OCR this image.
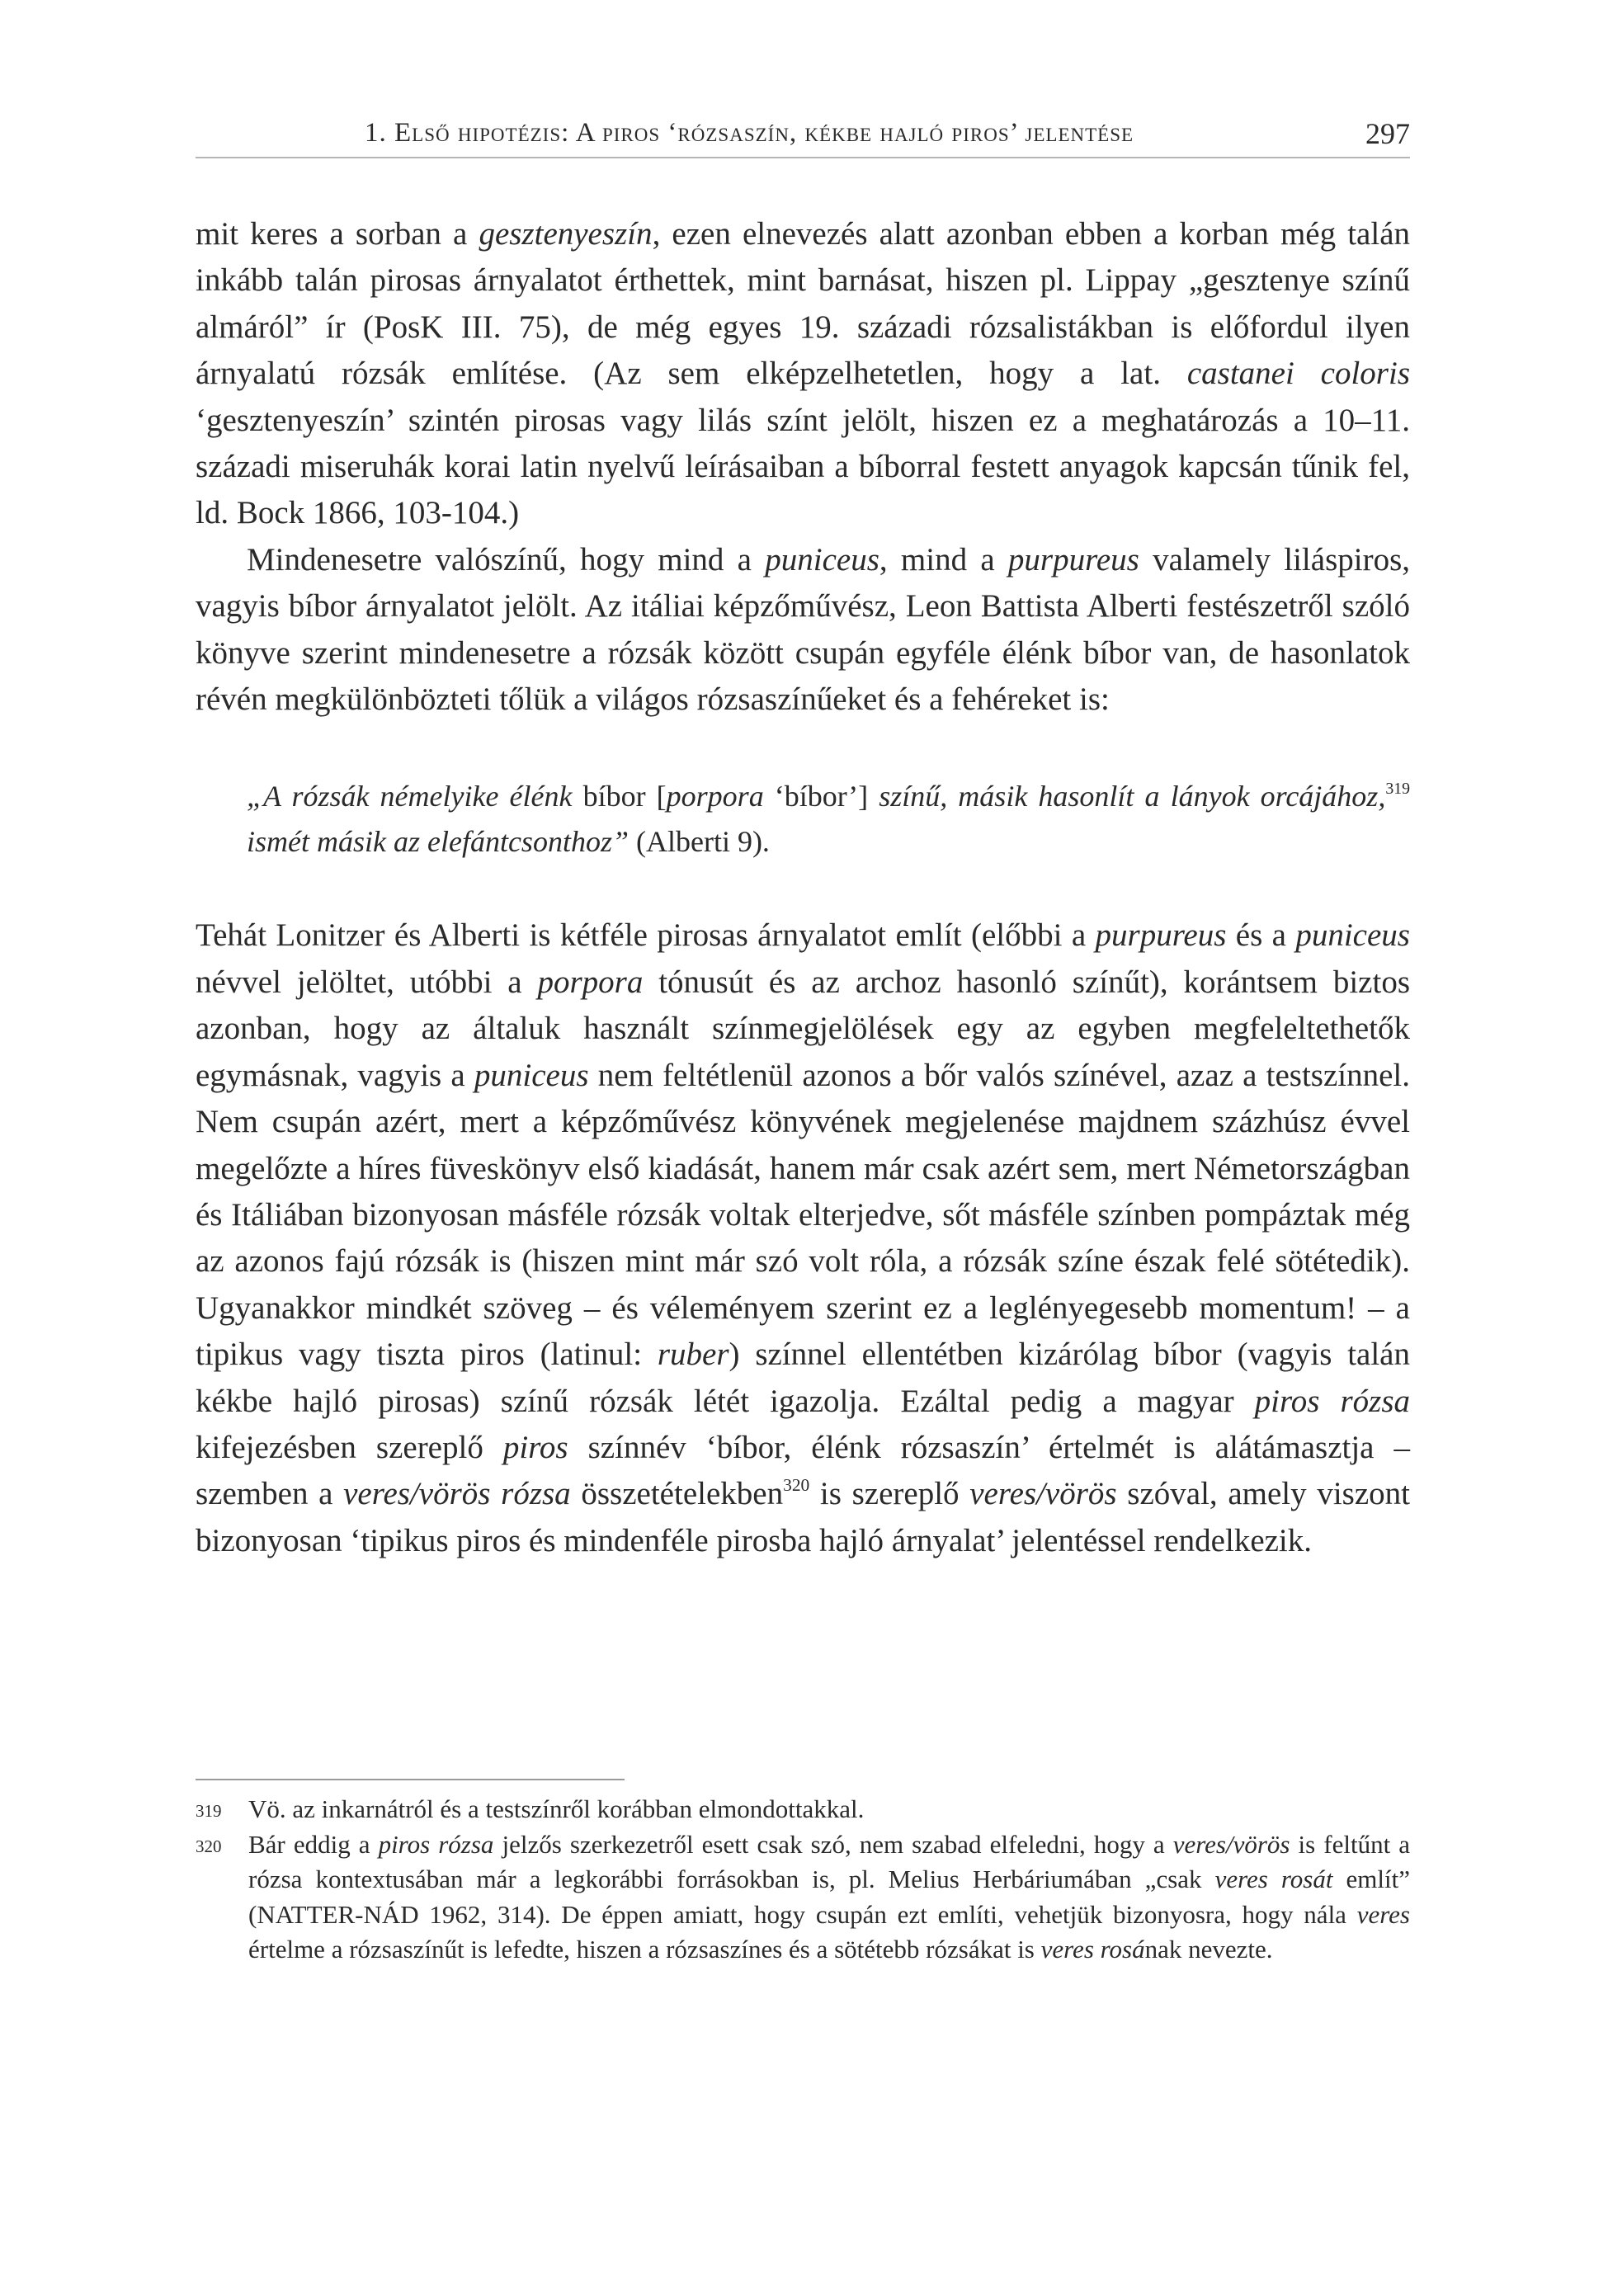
1. Első hipotézis: A piros ‘rózsaszín, kékbe hajló piros’ jelentése	297

mit keres a sorban a gesztenyeszín, ezen elnevezés alatt azonban ebben a korban még talán inkább talán pirosas árnyalatot érthettek, mint barnásat, hiszen pl. Lippay „gesztenye színű almáról” ír (PosK III. 75), de még egyes 19. századi rózsalistákban is előfordul ilyen árnyalatú rózsák említése. (Az sem elképzelhetetlen, hogy a lat. castanei coloris ‘gesztenyeszín’ szintén pirosas vagy lilás színt jelölt, hiszen ez a meghatározás a 10–11. századi miseruhák korai latin nyelvű leírásaiban a bíborral festett anyagok kapcsán tűnik fel, ld. Bock 1866, 103-104.)

Mindenesetre valószínű, hogy mind a puniceus, mind a purpureus valamely liláspiros, vagyis bíbor árnyalatot jelölt. Az itáliai képzőművész, Leon Battista Alberti festészetről szóló könyve szerint mindenesetre a rózsák között csupán egyféle élénk bíbor van, de hasonlatok révén megkülönbözteti tőlük a világos rózsaszínűeket és a fehéreket is:

„A rózsák némelyike élénk bíbor [porpora ‘bíbor’] színű, másik hasonlít a lányok orcájához,$^{319}$ ismét másik az elefántcsonthoz” (Alberti 9).

Tehát Lonitzer és Alberti is kétféle pirosas árnyalatot említ (előbbi a purpureus és a puniceus névvel jelöltet, utóbbi a porpora tónusút és az archoz hasonló színűt), korántsem biztos azonban, hogy az általuk használt színmegjelölések egy az egyben megfeleltethetők egymásnak, vagyis a puniceus nem feltétlenül azonos a bőr valós színével, azaz a testszínnel. Nem csupán azért, mert a képzőművész könyvének megjelenése majdnem százhúsz évvel megelőzte a híres füveskönyv első kiadását, hanem már csak azért sem, mert Németországban és Itáliában bizonyosan másféle rózsák voltak elterjedve, sőt másféle színben pompáztak még az azonos fajú rózsák is (hiszen mint már szó volt róla, a rózsák színe észak felé sötétedik). Ugyanakkor mindkét szöveg – és véleményem szerint ez a leglényegesebb momentum! – a tipikus vagy tiszta piros (latinul: ruber) színnel ellentétben kizárólag bíbor (vagyis talán kékbe hajló pirosas) színű rózsák létét igazolja. Ezáltal pedig a magyar piros rózsa kifejezésben szereplő piros színnév ‘bíbor, élénk rózsaszín’ értelmét is alátámasztja – szemben a veres/vörös rózsa összetételekben$^{320}$ is szereplő veres/vörös szóval, amely viszont bizonyosan ‘tipikus piros és mindenféle pirosba hajló árnyalat’ jelentéssel rendelkezik.

319 Vö. az inkarnátról és a testszínről korábban elmondottakkal.
320 Bár eddig a piros rózsa jelzős szerkezetről esett csak szó, nem szabad elfeledni, hogy a veres/vörös is feltűnt a rózsa kontextusában már a legkorábbi forrásokban is, pl. Melius Herbáriumában „csak veres rosát említ” (NATTER-NÁD 1962, 314). De éppen amiatt, hogy csupán ezt említi, vehetjük bizonyosra, hogy nála veres értelme a rózsaszínűt is lefedte, hiszen a rózsaszínes és a sötétebb rózsákat is veres rosának nevezte.
